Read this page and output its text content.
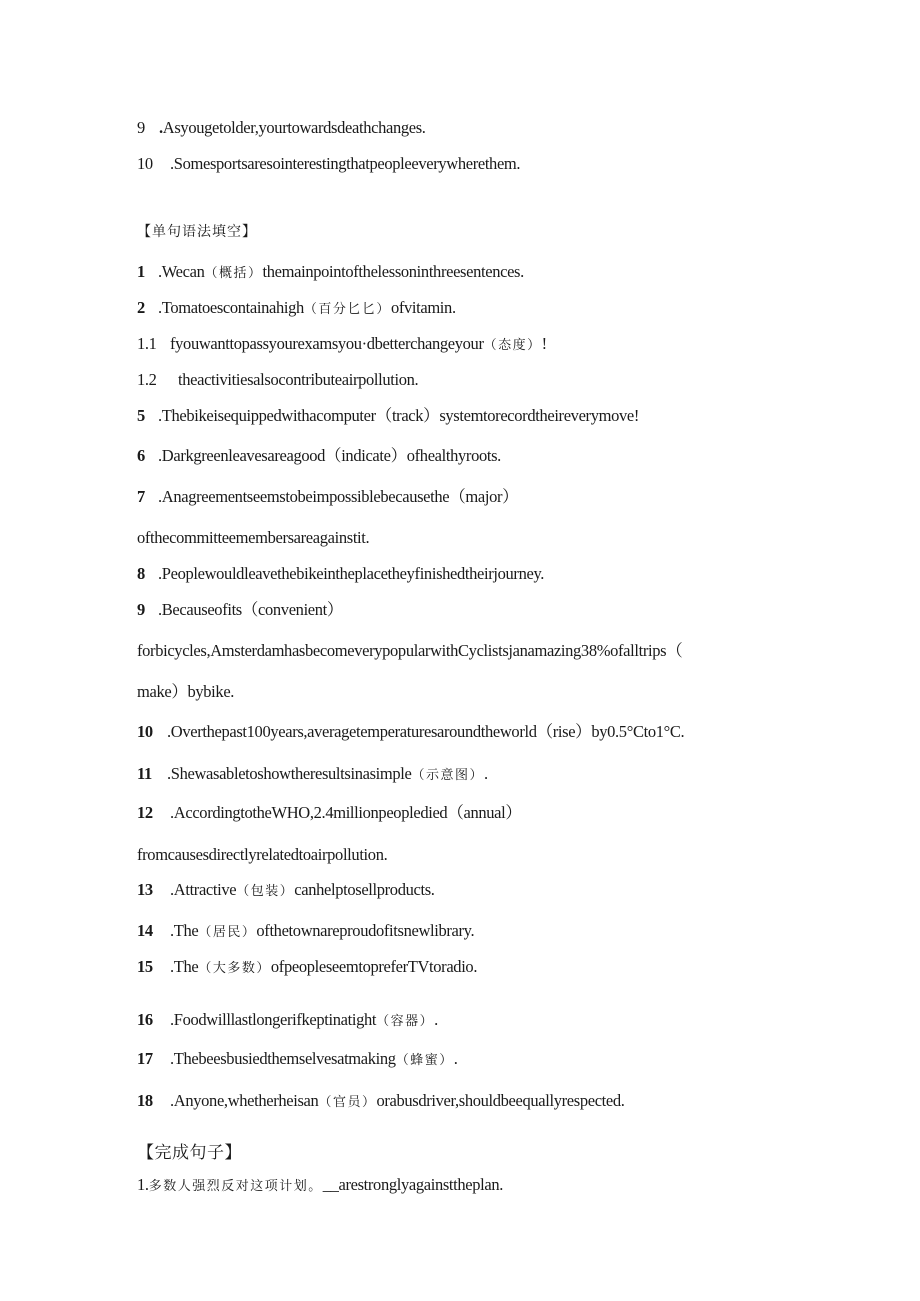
9 .Asyougetolder,yourtowardsdeathchanges.
10 .Somesportsaresointerestingthatpeopleeverywherethem.
【单句语法填空】
1 .Wecan（概括）themainpointofthelessoninthreesentences.
2 .Tomatoescontainahigh（百分匕匕）ofvitamin.
1.1 fyouwanttopassyourexamsyou·dbetterchangeyour（态度）!
1.2 theactivitiesalsocontributeairpollution.
5 .Thebikeisequippedwithacomputer（track）systemtorecordtheireverymove!
6 .Darkgreenleavesareagood（indicate）ofhealthyroots.
7 .Anagreementseemstobeimpossiblebecausethe（major）
ofthecommitteemembersareagainstit.
8 .Peoplewouldleavethebikeintheplacetheyfinishedtheirjourney.
9 .Becauseofits（convenient）
forbicycles,AmsterdamhasbecomeverypopularwithCyclistsjanamazing38%ofalltrips（
make）bybike.
10 .Overthepast100years,averagetemperaturesaroundtheworld（rise）by0.5°Cto1°C.
11 .Shewasabletoshowtheresultsinasimple（示意图）.
12 .AccordingtotheWHO,2.4millionpeopledied（annual）
fromcausesdirectlyrelatedtoairpollution.
13 .Attractive（包装）canhelptosellproducts.
14 .The（居民）ofthetownareproudofitsnewlibrary.
15 .The（大多数）ofpeopleseemtopreferTVtoradio.
16 .Foodwilllastlongerifkeptinatight（容器）.
17 .Thebeesbusiedthemselvesatmaking（蜂蜜）.
18 .Anyone,whetherheisan（官员）orabusdriver,shouldbeequallyrespected.
【完成句子】
1.多数人强烈反对这项计划。__arestronglyagainsttheplan.
